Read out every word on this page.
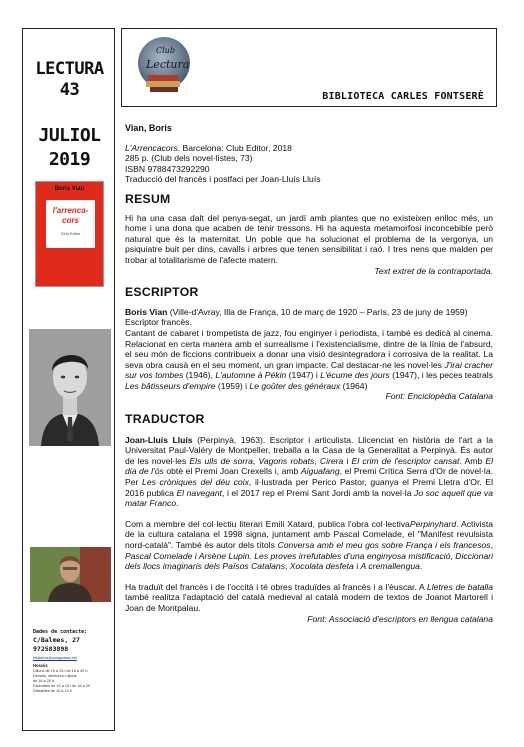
LECTURA
43
JULIOL
2019
Boris Vian
l'arrenca-
cors
Club Editor
Dades de contacte:
C/Balmes, 27
972583898
biblioteca@poraguaires.net
Horaris
Dilluns de 10 a 13 i de 16 a 20 h.
Dimarts, dimecres i dijous
de 16 a 20 h.
Divendres de 10 a 13 i de 16 a 20
Dissabtes de 10 a 13 h.
Club
Lectura
BIBLIOTECA CARLES FONTSERÈ
Vian, Boris
L'Arrencacors. Barcelona: Club Editor, 2018
285 p. (Club dels novel·listes, 73)
ISBN 9788473292290
Traducció del francès i postfaci per Joan-Lluís Lluís
RESUM

Hi ha una casa dalt del penya-segat, un jardí amb plantes que no existeixen enlloc més, un home i una dona que acaben de tenir tressons. Hi ha aquesta metamorfosi inconcebible però natural que és la maternitat. Un poble que ha solucionat el problema de la vergonya, un psiquiatre buit per dins, cavalls i arbres que tenen sensibilitat i raó. I tres nens que malden per trobar al totalitarisme de l'afecte matern.

Text extret de la contraportada.

ESCRIPTOR

Boris Vian (Ville-d'Avray, Illa de França, 10 de març de 1920 – París, 23 de juny de 1959)

Escriptor francès.

Cantant de cabaret i trompetista de jazz, fou enginyer i periodista, i també es dedicà al cinema. Relacionat en certa manera amb el surrealisme i l'existencialisme, dintre de la línia de l'absurd, el seu món de ficcions contribueix a donar una visió desintegradora i corrosiva de la realitat. La seva obra causà en el seu moment, un gran impacte. Cal destacar-ne les novel·les J'irai cracher sur vos tombes (1946), L'automne à Pékin (1947) i L'écume des jours (1947), i les peces teatrals Les bâtisseurs d'empire (1959) i Le goûter des généraux (1964)

Font: Enciclopèdia Catalana

TRADUCTOR

Joan-Lluís Lluís (Perpinyà, 1963). Escriptor i articulista. Llicenciat en història de l'art a la Universitat Paul-Valéry de Montpeller, treballa a la Casa de la Generalitat a Perpinyà. És autor de les novel·les Els ulls de sorra, Vagons robats, Cirera i El crim de l'escriptor cansat. Amb El dia de l'ós obtè el Premi Joan Crexells i, amb Aiguafang, el Premi Crítica Serra d'Or de novel·la. Per Les cròniques del déu coix, il·lustrada per Perico Pastor, guanya el Premi Lletra d'Or. El 2016 publica El navegant, i el 2017 rep el Premi Sant Jordi amb la novel·la Jo soc aquell que va matar Franco.

Com a membre del col·lectiu literari Emili Xatard, publica l'obra col·lectivaPerpinyhard. Activista de la cultura catalana el 1998 signa, juntament amb Pascal Comelade, el "Manifest revulsista nord-català". També és autor dels títols Conversa amb el meu gos sobre França i els francesos, Pascal Comelade i Arsène Lupin. Les proves irrefutables d'una enginyosa mistificació, Diccionari dels llocs imaginaris dels Països Catalans, Xocolata desfeta i A cremallengua.

Ha traduït del francès i de l'occità i té obres traduïdes al francès i a l'èuscar. A Lletres de batalla també realitza l'adaptació del català medieval al català modern de textos de Joanot Martorell i Joan de Montpalau.

Font: Associació d'escriptors en llengua catalana
